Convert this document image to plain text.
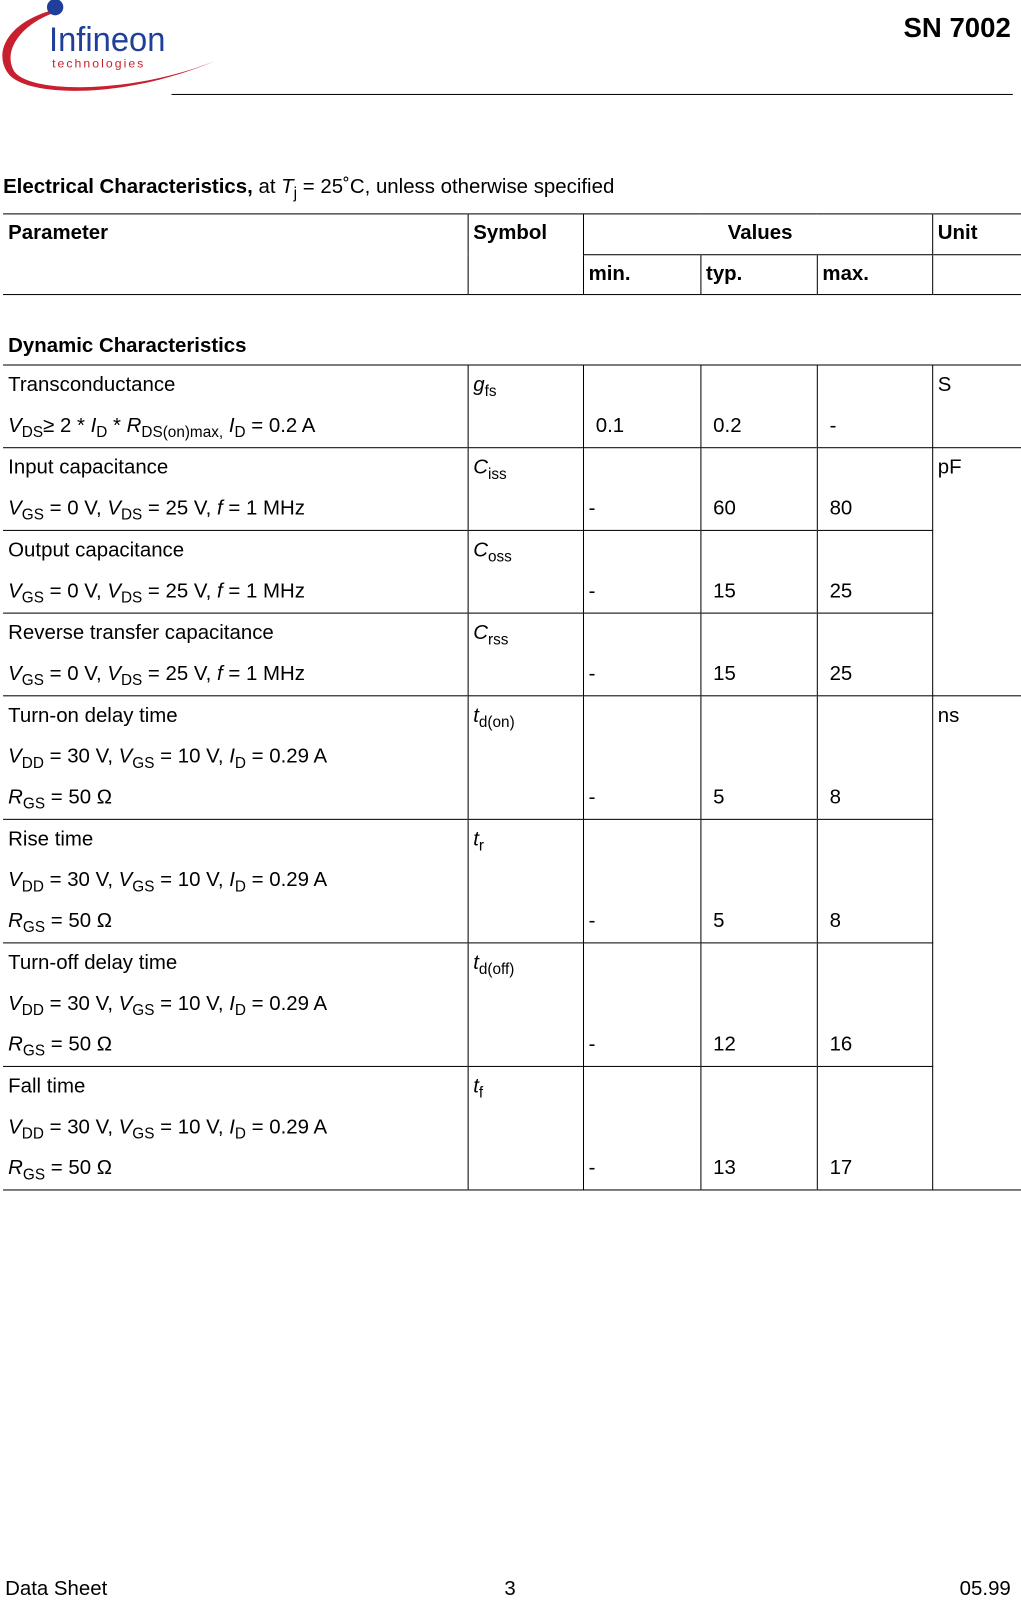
Infineon
technologies
SN 7002
Electrical Characteristics, at $T_j$ = 25˚C, unless otherwise specified
Parameter	Symbol	Values			Unit
		min.	typ.	max.	
Dynamic Characteristics					

Transconductance
$V_{DS}\ge 2 * I_D * R_{DS(on)max,}$ $I_D = 0.2$ A	$g_{fs}$	0.1	0.2	-	S

Input capacitance
$V_{GS} = 0$ V, $V_{DS} = 25$ V, f = 1 MHz	$C_{iss}$	-	60	80	pF

Output capacitance
$V_{GS} = 0$ V, $V_{DS} = 25$ V, f = 1 MHz	$C_{oss}$	-	15	25	

Reverse transfer capacitance
$V_{GS} = 0$ V, $V_{DS} = 25$ V, f = 1 MHz	$C_{rss}$	-	15	25	

Turn-on delay time
$V_{DD} = 30$ V, $V_{GS} = 10$ V, $I_D = 0.29$ A
$R_{GS} = 50$ Ω	$t_{d(on)}$	-	5	8	ns

Rise time
$V_{DD} = 30$ V, $V_{GS} = 10$ V, $I_D = 0.29$ A
$R_{GS} = 50$ Ω	$t_r$	-	5	8	

Turn-off delay time
$V_{DD} = 30$ V, $V_{GS} = 10$ V, $I_D = 0.29$ A
$R_{GS} = 50$ Ω	$t_{d(off)}$	-	12	16	

Fall time
$V_{DD} = 30$ V, $V_{GS} = 10$ V, $I_D = 0.29$ A
$R_{GS} = 50$ Ω	$t_f$	-	13	17	
Data Sheet	3	05.99
